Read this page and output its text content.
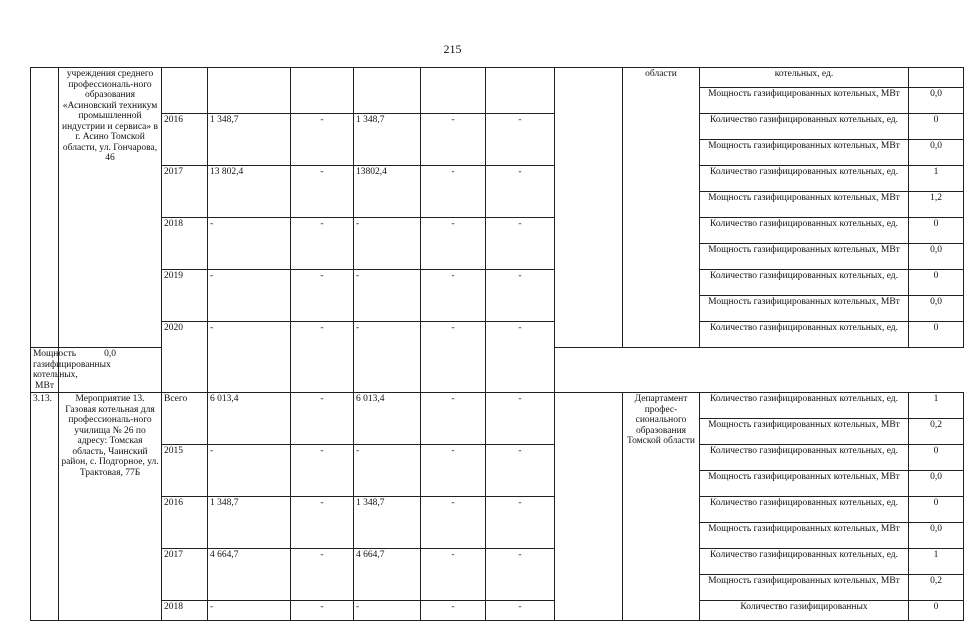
215
	учреждения среднего профессиональ-ного образования «Асиновский техникум промышленной индустрии и сервиса» в г. Асино Томской области, ул. Гончарова, 46								области	котельных, ед.	
										Мощность газифицированных котельных, МВт	0,0
		2016	1 348,7	-	1 348,7	-	-			Количество газифицированных котельных, ед.	0
										Мощность газифицированных котельных, МВт	0,0
		2017	13 802,4	-	13802,4	-	-			Количество газифицированных котельных, ед.	1
										Мощность газифицированных котельных, МВт	1,2
		2018	-	-	-	-	-			Количество газифицированных котельных, ед.	0
										Мощность газифицированных котельных, МВт	0,0
		2019	-	-	-	-	-			Количество газифицированных котельных, ед.	0
										Мощность газифицированных котельных, МВт	0,0
		2020	-	-	-	-	-			Количество газифицированных котельных, ед.	0
Мощность газифицированных котельных, МВт	0,0										
3.13.	Мероприятие 13. Газовая котельная для профессиональ-ного училища № 26 по адресу: Томская область, Чаинский район, с. Подгорное, ул. Трактовая, 77Б	Всего	6 013,4	-	6 013,4	-	-		Департамент профес-сионального образования Томской области	Количество газифицированных котельных, ед.	1
										Мощность газифицированных котельных, МВт	0,2
		2015	-	-	-	-	-			Количество газифицированных котельных, ед.	0
										Мощность газифицированных котельных, МВт	0,0
		2016	1 348,7	-	1 348,7	-	-			Количество газифицированных котельных, ед.	0
										Мощность газифицированных котельных, МВт	0,0
		2017	4 664,7	-	4 664,7	-	-			Количество газифицированных котельных, ед.	1
										Мощность газифицированных котельных, МВт	0,2
		2018	-	-	-	-	-			Количество газифицированных	0
